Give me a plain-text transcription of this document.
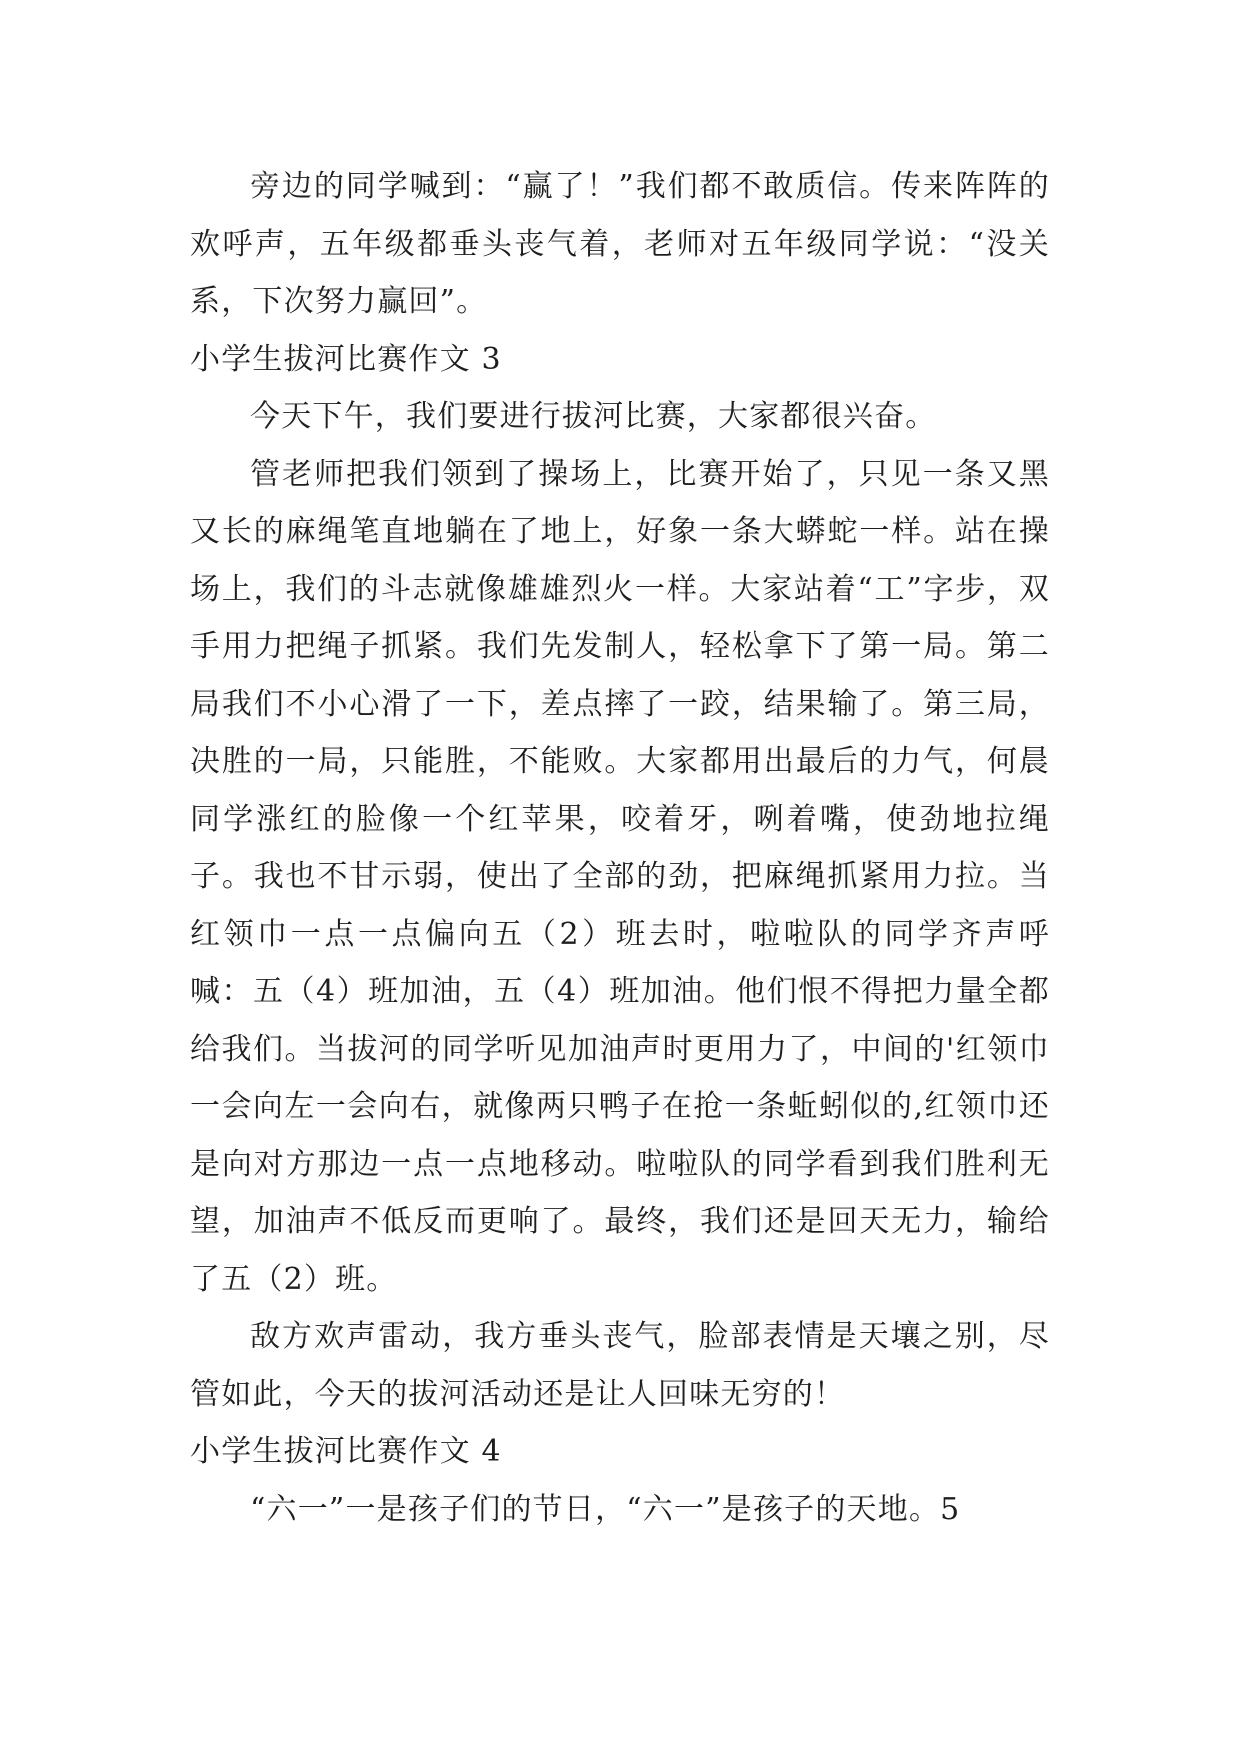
旁边的同学喊到：“赢了！”我们都不敢质信。传来阵阵的欢呼声，五年级都垂头丧气着，老师对五年级同学说：“没关系，下次努力赢回”。

小学生拔河比赛作文 3

今天下午，我们要进行拔河比赛，大家都很兴奋。

管老师把我们领到了操场上，比赛开始了，只见一条又黑又长的麻绳笔直地躺在了地上，好象一条大蟒蛇一样。站在操场上，我们的斗志就像雄雄烈火一样。大家站着“工”字步，双手用力把绳子抓紧。我们先发制人，轻松拿下了第一局。第二局我们不小心滑了一下，差点摔了一跤，结果输了。第三局，决胜的一局，只能胜，不能败。大家都用出最后的力气，何晨同学涨红的脸像一个红苹果，咬着牙，咧着嘴，使劲地拉绳子。我也不甘示弱，使出了全部的劲，把麻绳抓紧用力拉。当红领巾一点一点偏向五（2）班去时，啦啦队的同学齐声呼喊：五（4）班加油，五（4）班加油。他们恨不得把力量全都给我们。当拔河的同学听见加油声时更用力了，中间的'红领巾一会向左一会向右，就像两只鸭子在抢一条蚯蚓似的,红领巾还是向对方那边一点一点地移动。啦啦队的同学看到我们胜利无望，加油声不低反而更响了。最终，我们还是回天无力，输给了五（2）班。

敌方欢声雷动，我方垂头丧气，脸部表情是天壤之别，尽管如此，今天的拔河活动还是让人回味无穷的！

小学生拔河比赛作文 4

“六一”一是孩子们的节日，“六一”是孩子的天地。5
